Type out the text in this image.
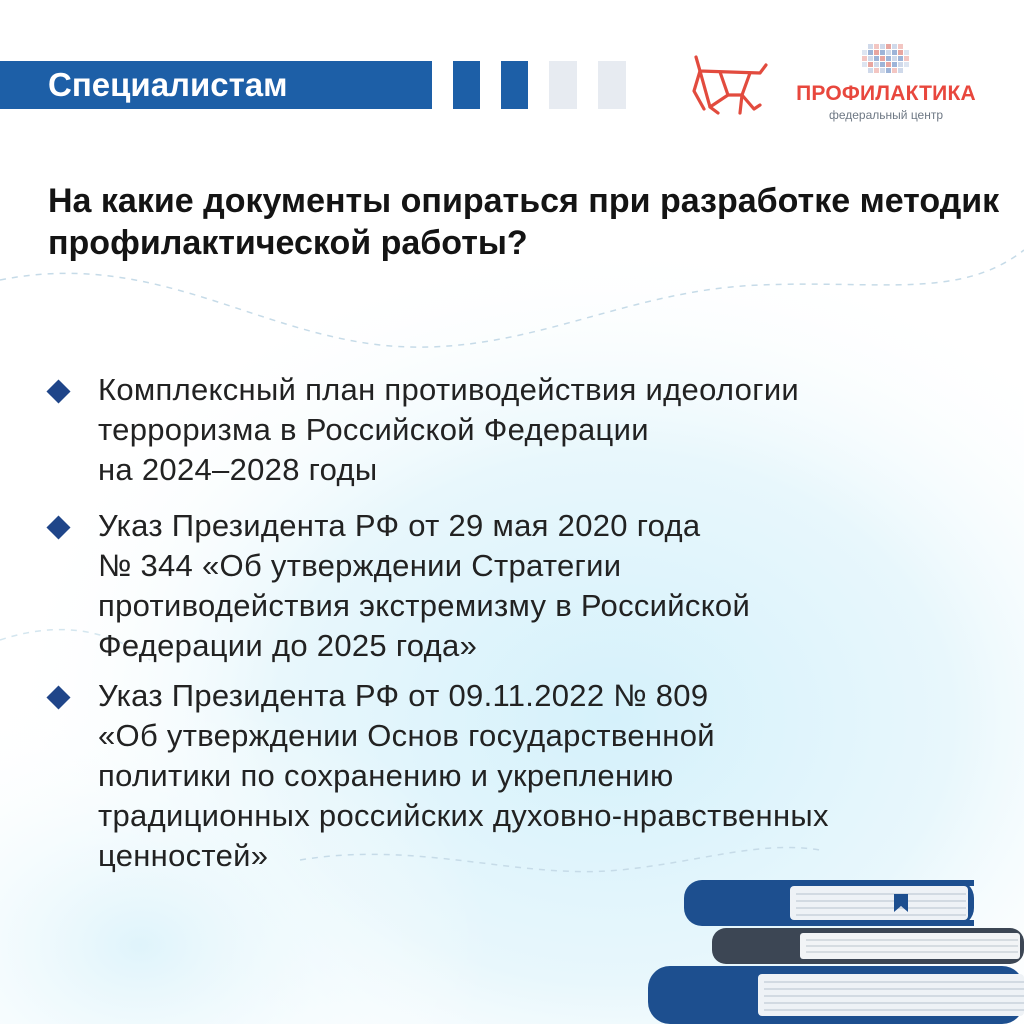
Специалистам	ПРОФИЛАКТИКА
федеральный центр
На какие документы опираться при разработке методик профилактической работы?

Комплексный план противодействия идеологии
терроризма в Российской Федерации
на 2024–2028 годы

Указ Президента РФ от 29 мая 2020 года
№ 344 «Об утверждении Стратегии
противодействия экстремизму в Российской
Федерации до 2025 года»

Указ Президента РФ от 09.11.2022 № 809
«Об утверждении Основ государственной
политики по сохранению и укреплению
традиционных российских духовно-нравственных
ценностей»
